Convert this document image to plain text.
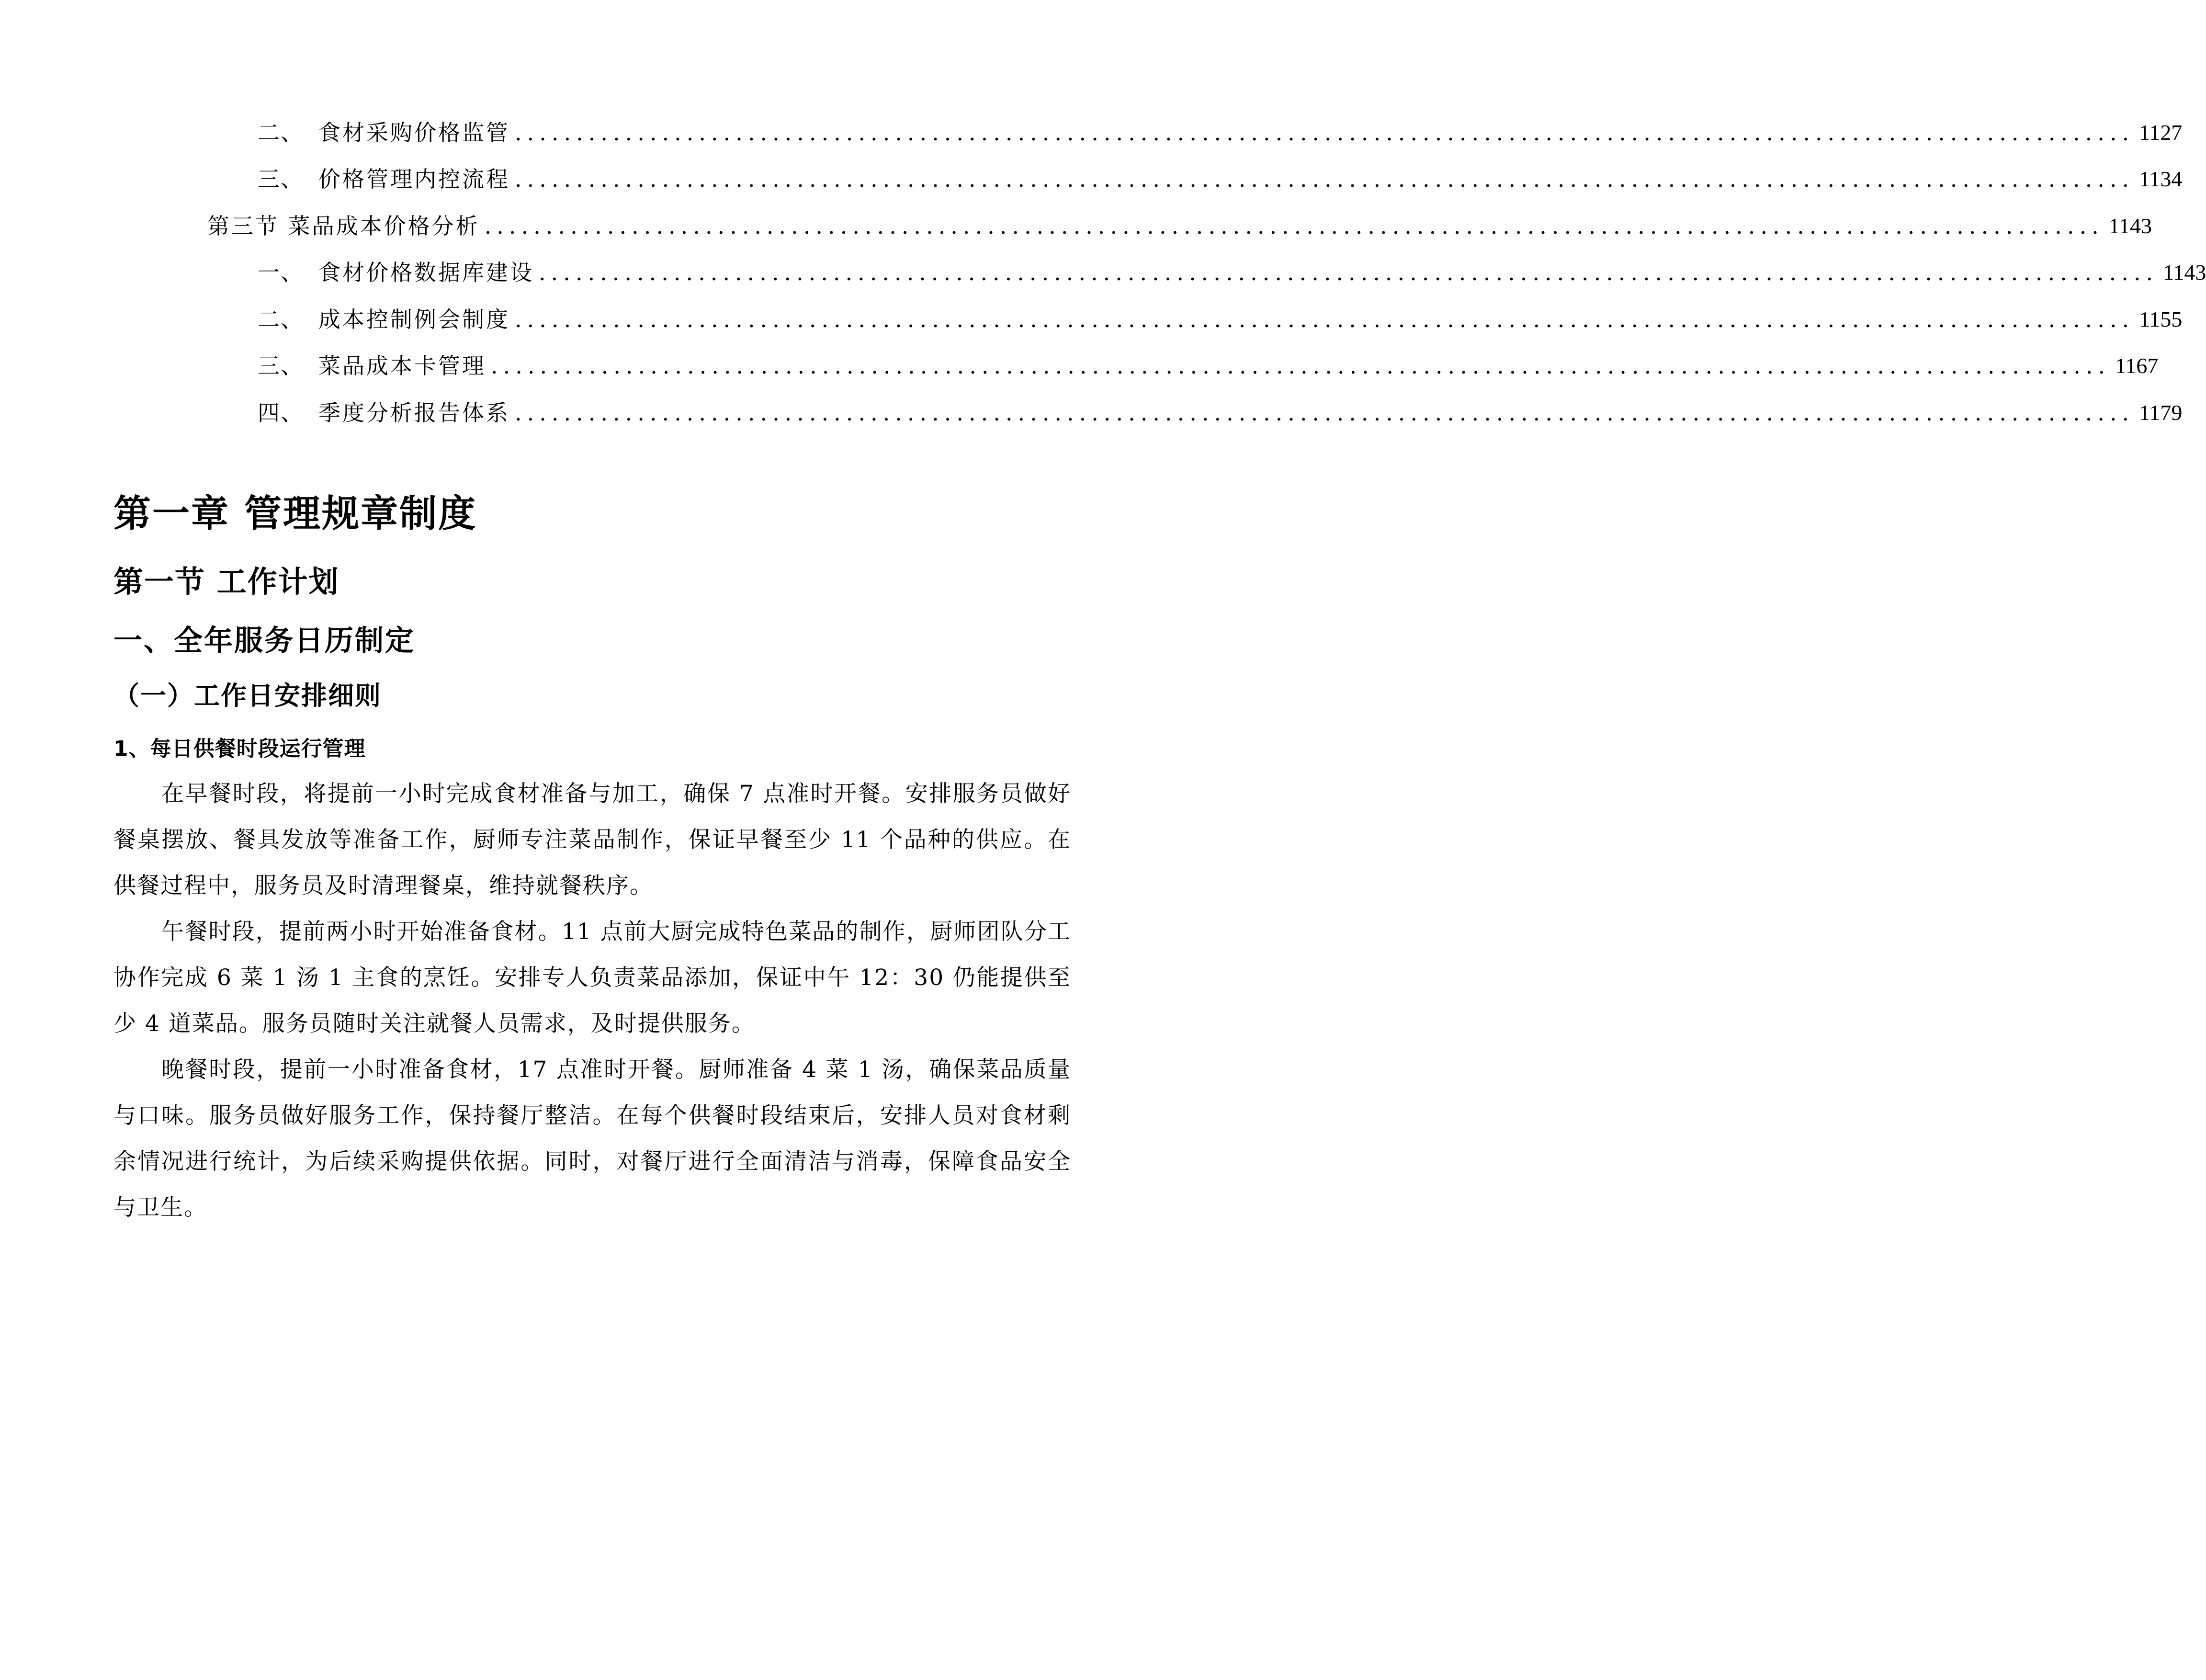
二、 食材采购价格监管 .................................................................................................................................... 1127
三、 价格管理内控流程 .................................................................................................................................... 1134
第三节 菜品成本价格分析 .................................................................................................................................... 1143
一、 食材价格数据库建设 .................................................................................................................................... 1143
二、 成本控制例会制度 .................................................................................................................................... 1155
三、 菜品成本卡管理 .................................................................................................................................... 1167
四、 季度分析报告体系 .................................................................................................................................... 1179
第一章 管理规章制度
第一节 工作计划
一、全年服务日历制定
（一）工作日安排细则
1、每日供餐时段运行管理

在早餐时段，将提前一小时完成食材准备与加工，确保 7 点准时开餐。安排服务员做好餐桌摆放、餐具发放等准备工作，厨师专注菜品制作，保证早餐至少 11 个品种的供应。在供餐过程中，服务员及时清理餐桌，维持就餐秩序。

午餐时段，提前两小时开始准备食材。11 点前大厨完成特色菜品的制作，厨师团队分工协作完成 6 菜 1 汤 1 主食的烹饪。安排专人负责菜品添加，保证中午 12：30 仍能提供至少 4 道菜品。服务员随时关注就餐人员需求，及时提供服务。

晚餐时段，提前一小时准备食材，17 点准时开餐。厨师准备 4 菜 1 汤，确保菜品质量与口味。服务员做好服务工作，保持餐厅整洁。在每个供餐时段结束后，安排人员对食材剩余情况进行统计，为后续采购提供依据。同时，对餐厅进行全面清洁与消毒，保障食品安全与卫生。
